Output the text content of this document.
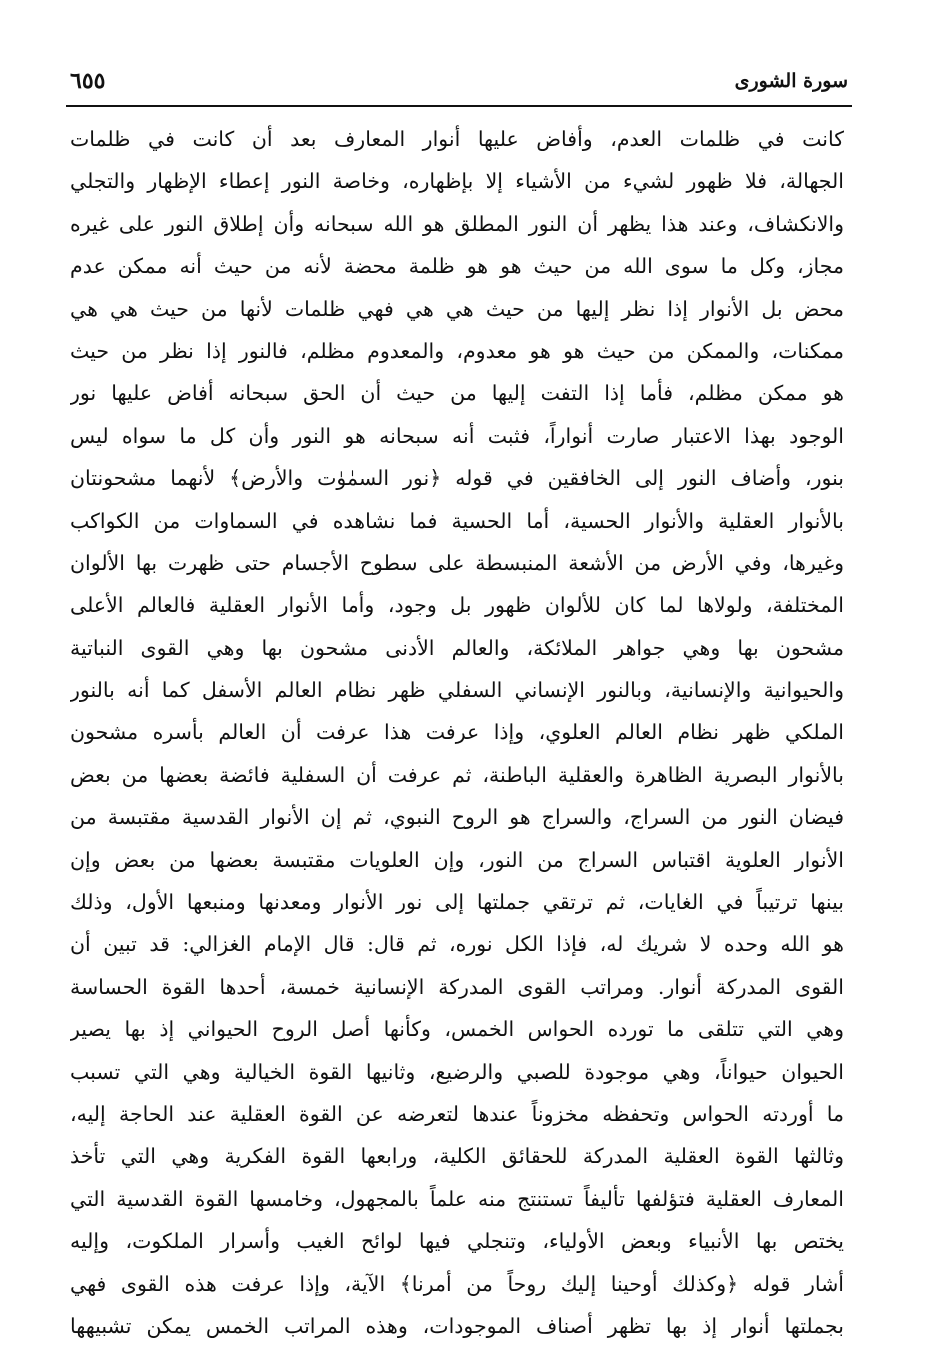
٦٥٥	سورة الشورى
كانت في ظلمات العدم، وأفاض عليها أنوار المعارف بعد أن كانت في ظلمات
الجهالة، فلا ظهور لشيء من الأشياء إلا بإظهاره، وخاصة النور إعطاء الإظهار والتجلي
والانكشاف، وعند هذا يظهر أن النور المطلق هو الله سبحانه وأن إطلاق النور على غيره
مجاز، وكل ما سوى الله من حيث هو هو ظلمة محضة لأنه من حيث أنه ممكن عدم
محض بل الأنوار إذا نظر إليها من حيث هي هي فهي ظلمات لأنها من حيث هي هي
ممكنات، والممكن من حيث هو هو معدوم، والمعدوم مظلم، فالنور إذا نظر من حيث
هو ممكن مظلم، فأما إذا التفت إليها من حيث أن الحق سبحانه أفاض عليها نور
الوجود بهذا الاعتبار صارت أنواراً، فثبت أنه سبحانه هو النور وأن كل ما سواه ليس
بنور، وأضاف النور إلى الخافقين في قوله ﴿نور السمٰوٰت والأرض﴾ لأنهما مشحونتان
بالأنوار العقلية والأنوار الحسية، أما الحسية فما نشاهده في السماوات من الكواكب
وغيرها، وفي الأرض من الأشعة المنبسطة على سطوح الأجسام حتى ظهرت بها الألوان
المختلفة، ولولاها لما كان للألوان ظهور بل وجود، وأما الأنوار العقلية فالعالم الأعلى
مشحون بها وهي جواهر الملائكة، والعالم الأدنى مشحون بها وهي القوى النباتية
والحيوانية والإنسانية، وبالنور الإنساني السفلي ظهر نظام العالم الأسفل كما أنه بالنور
الملكي ظهر نظام العالم العلوي، وإذا عرفت هذا عرفت أن العالم بأسره مشحون
بالأنوار البصرية الظاهرة والعقلية الباطنة، ثم عرفت أن السفلية فائضة بعضها من بعض
فيضان النور من السراج، والسراج هو الروح النبوي، ثم إن الأنوار القدسية مقتبسة من
الأنوار العلوية اقتباس السراج من النور، وإن العلويات مقتبسة بعضها من بعض وإن
بينها ترتيباً في الغايات، ثم ترتقي جملتها إلى نور الأنوار ومعدنها ومنبعها الأول، وذلك
هو الله وحده لا شريك له، فإذا الكل نوره، ثم قال: قال الإمام الغزالي: قد تبين أن
القوى المدركة أنوار. ومراتب القوى المدركة الإنسانية خمسة، أحدها القوة الحساسة
وهي التي تتلقى ما توردە الحواس الخمس، وكأنها أصل الروح الحيواني إذ بها يصير
الحيوان حيواناً، وهي موجودة للصبي والرضيع، وثانيها القوة الخيالية وهي التي تسبب
ما أوردته الحواس وتحفظه مخزوناً عندها لتعرضه عن القوة العقلية عند الحاجة إليه،
وثالثها القوة العقلية المدركة للحقائق الكلية، ورابعها القوة الفكرية وهي التي تأخذ
المعارف العقلية فتؤلفها تأليفاً تستنتج منه علماً بالمجهول، وخامسها القوة القدسية التي
يختص بها الأنبياء وبعض الأولياء، وتنجلي فيها لوائح الغيب وأسرار الملكوت، وإليه
أشار قوله ﴿وكذلك أوحينا إليك روحاً من أمرنا﴾ الآية، وإذا عرفت هذه القوى فهي
بجملتها أنوار إذ بها تظهر أصناف الموجودات، وهذه المراتب الخمس يمكن تشبيهها
